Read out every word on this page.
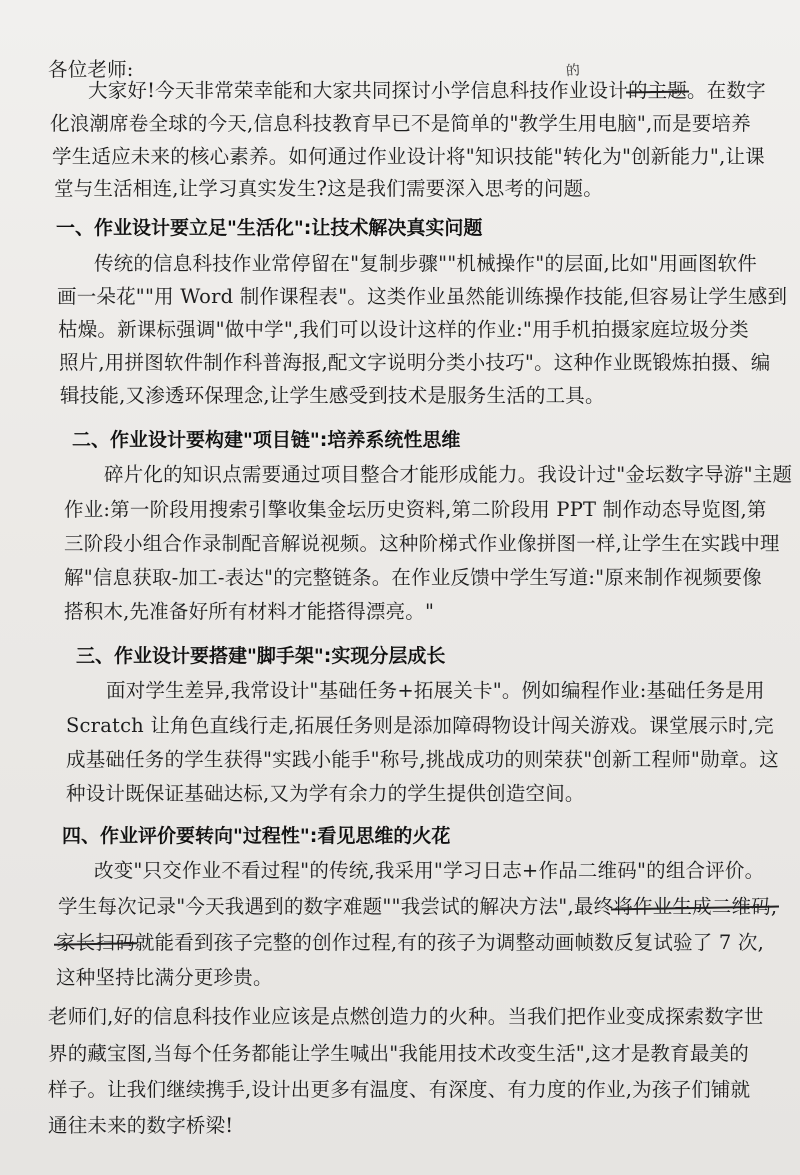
各位老师:
大家好!今天非常荣幸能和大家共同探讨小学信息科技作业设计的主题。在数字
的
化浪潮席卷全球的今天,信息科技教育早已不是简单的"教学生用电脑",而是要培养
学生适应未来的核心素养。如何通过作业设计将"知识技能"转化为"创新能力",让课
堂与生活相连,让学习真实发生?这是我们需要深入思考的问题。
一、作业设计要立足"生活化":让技术解决真实问题
传统的信息科技作业常停留在"复制步骤""机械操作"的层面,比如"用画图软件
画一朵花""用 Word 制作课程表"。这类作业虽然能训练操作技能,但容易让学生感到
枯燥。新课标强调"做中学",我们可以设计这样的作业:"用手机拍摄家庭垃圾分类
照片,用拼图软件制作科普海报,配文字说明分类小技巧"。这种作业既锻炼拍摄、编
辑技能,又渗透环保理念,让学生感受到技术是服务生活的工具。
二、作业设计要构建"项目链":培养系统性思维
碎片化的知识点需要通过项目整合才能形成能力。我设计过"金坛数字导游"主题
作业:第一阶段用搜索引擎收集金坛历史资料,第二阶段用 PPT 制作动态导览图,第
三阶段小组合作录制配音解说视频。这种阶梯式作业像拼图一样,让学生在实践中理
解"信息获取-加工-表达"的完整链条。在作业反馈中学生写道:"原来制作视频要像
搭积木,先准备好所有材料才能搭得漂亮。"
三、作业设计要搭建"脚手架":实现分层成长
面对学生差异,我常设计"基础任务+拓展关卡"。例如编程作业:基础任务是用
Scratch 让角色直线行走,拓展任务则是添加障碍物设计闯关游戏。课堂展示时,完
成基础任务的学生获得"实践小能手"称号,挑战成功的则荣获"创新工程师"勋章。这
种设计既保证基础达标,又为学有余力的学生提供创造空间。
四、作业评价要转向"过程性":看见思维的火花
改变"只交作业不看过程"的传统,我采用"学习日志+作品二维码"的组合评价。
学生每次记录"今天我遇到的数字难题""我尝试的解决方法",最终将作业生成二维码,
家长扫码就能看到孩子完整的创作过程,有的孩子为调整动画帧数反复试验了 7 次,
这种坚持比满分更珍贵。
老师们,好的信息科技作业应该是点燃创造力的火种。当我们把作业变成探索数字世
界的藏宝图,当每个任务都能让学生喊出"我能用技术改变生活",这才是教育最美的
样子。让我们继续携手,设计出更多有温度、有深度、有力度的作业,为孩子们铺就
通往未来的数字桥梁!
